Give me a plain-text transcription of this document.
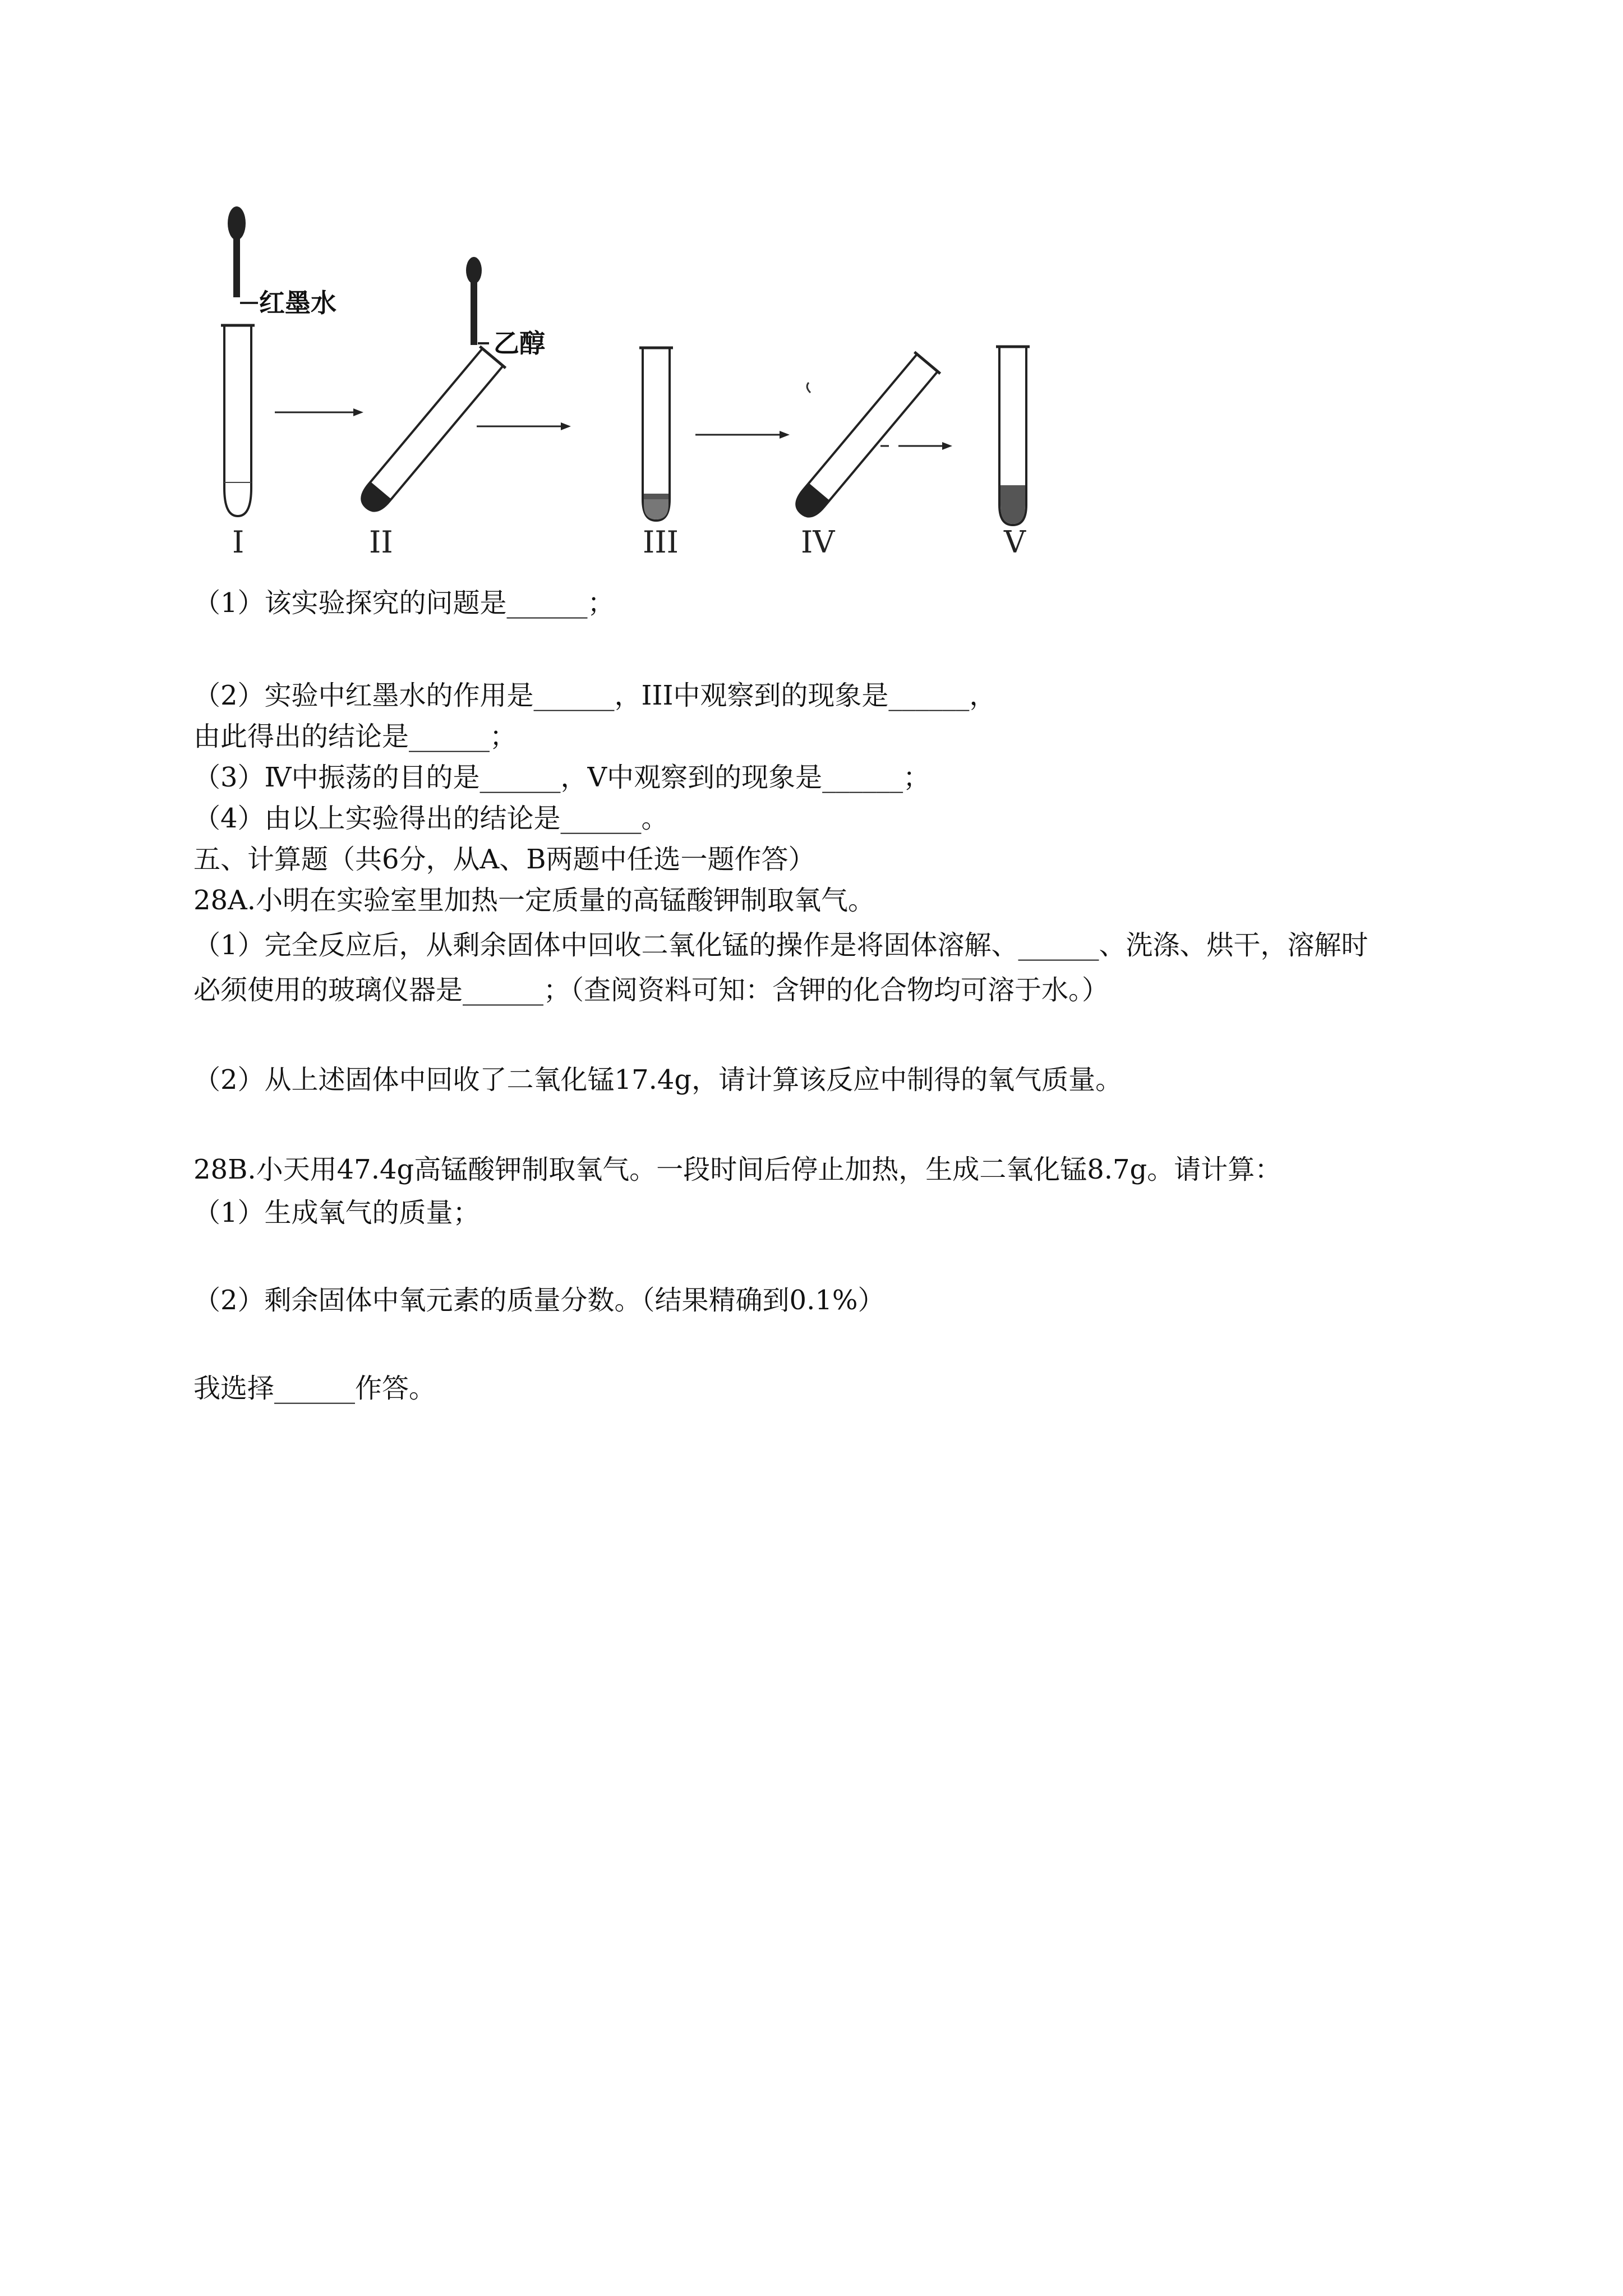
红墨水
I
乙醇
II	III	IV	V
（1）该实验探究的问题是______；
（2）实验中红墨水的作用是______，III中观察到的现象是______，
由此得出的结论是______；
（3）Ⅳ中振荡的目的是______，Ⅴ中观察到的现象是______；
（4）由以上实验得出的结论是______。
五、计算题（共6分，从A、B两题中任选一题作答）
28A.小明在实验室里加热一定质量的高锰酸钾制取氧气。
（1）完全反应后，从剩余固体中回收二氧化锰的操作是将固体溶解、______、洗涤、烘干，溶解时
必须使用的玻璃仪器是______；（查阅资料可知：含钾的化合物均可溶于水。）
（2）从上述固体中回收了二氧化锰17.4g，请计算该反应中制得的氧气质量。
28B.小天用47.4g高锰酸钾制取氧气。一段时间后停止加热，生成二氧化锰8.7g。请计算：
（1）生成氧气的质量；
（2）剩余固体中氧元素的质量分数。（结果精确到0.1%）
我选择______作答。
